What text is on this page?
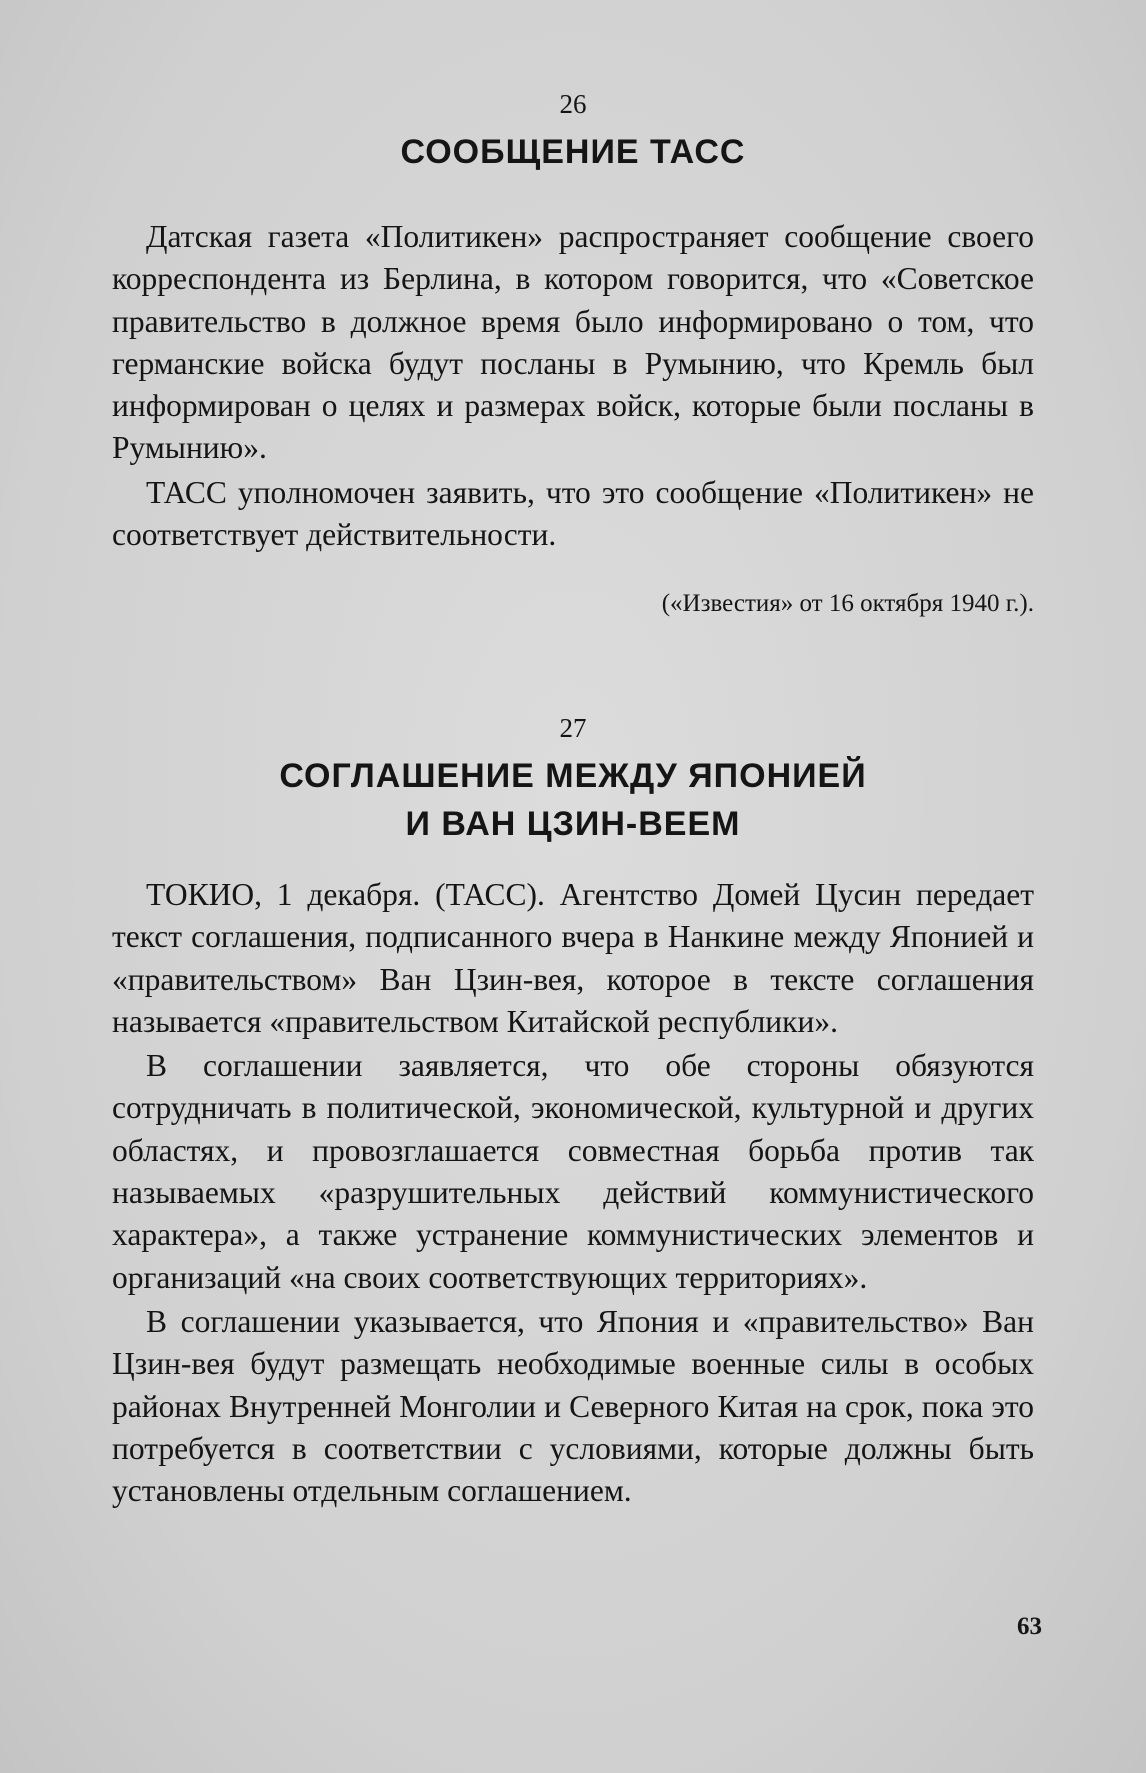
26
СООБЩЕНИЕ ТАСС

Датская газета «Политикен» распространяет сообщение своего корреспондента из Берлина, в котором говорится, что «Советское правительство в должное время было информировано о том, что германские войска будут посланы в Румынию, что Кремль был информирован о целях и размерах войск, которые были посланы в Румынию».

ТАСС уполномочен заявить, что это сообщение «Политикен» не соответствует действительности.

(«Известия» от 16 октября 1940 г.).
27
СОГЛАШЕНИЕ МЕЖДУ ЯПОНИЕЙ
И ВАН ЦЗИН-ВЕЕМ

ТОКИО, 1 декабря. (ТАСС). Агентство Домей Цусин передает текст соглашения, подписанного вчера в Нанкине между Японией и «правительством» Ван Цзин-вея, которое в тексте соглашения называется «правительством Китайской республики».

В соглашении заявляется, что обе стороны обязуются сотрудничать в политической, экономической, культурной и других областях, и провозглашается совместная борьба против так называемых «разрушительных действий коммунистического характера», а также устранение коммунистических элементов и организаций «на своих соответствующих территориях».

В соглашении указывается, что Япония и «правительство» Ван Цзин-вея будут размещать необходимые военные силы в особых районах Внутренней Монголии и Северного Китая на срок, пока это потребуется в соответствии с условиями, которые должны быть установлены отдельным соглашением.

63
